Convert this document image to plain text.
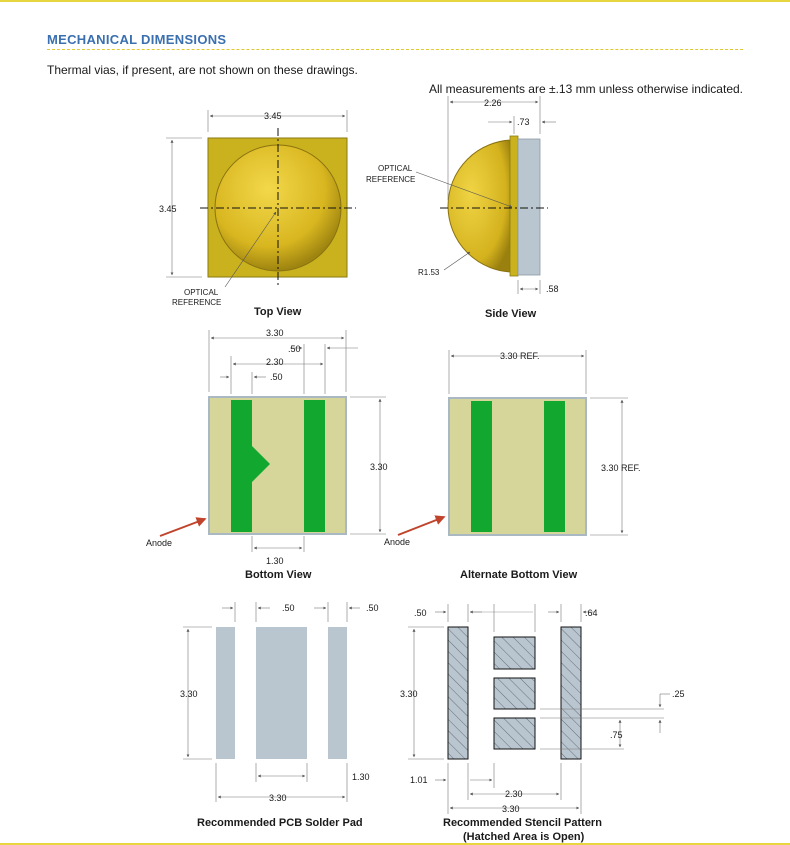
MECHANICAL DIMENSIONS
Thermal vias, if present, are not shown on these drawings.
All measurements are ±.13 mm unless otherwise indicated.
3.45
3.45
OPTICAL
REFERENCE
Top View
2.26
.73
.58
R1.53
OPTICAL
REFERENCE
Side View
3.30
.50
2.30
.50
3.30
1.30
Anode
Bottom View
3.30 REF.
3.30 REF.
Anode
Alternate Bottom View
.50	.50
3.30
1.30
3.30
Recommended PCB Solder Pad
.50	.64
3.30	.25
.75
1.01
2.30
3.30
Recommended Stencil Pattern
(Hatched Area is Open)
